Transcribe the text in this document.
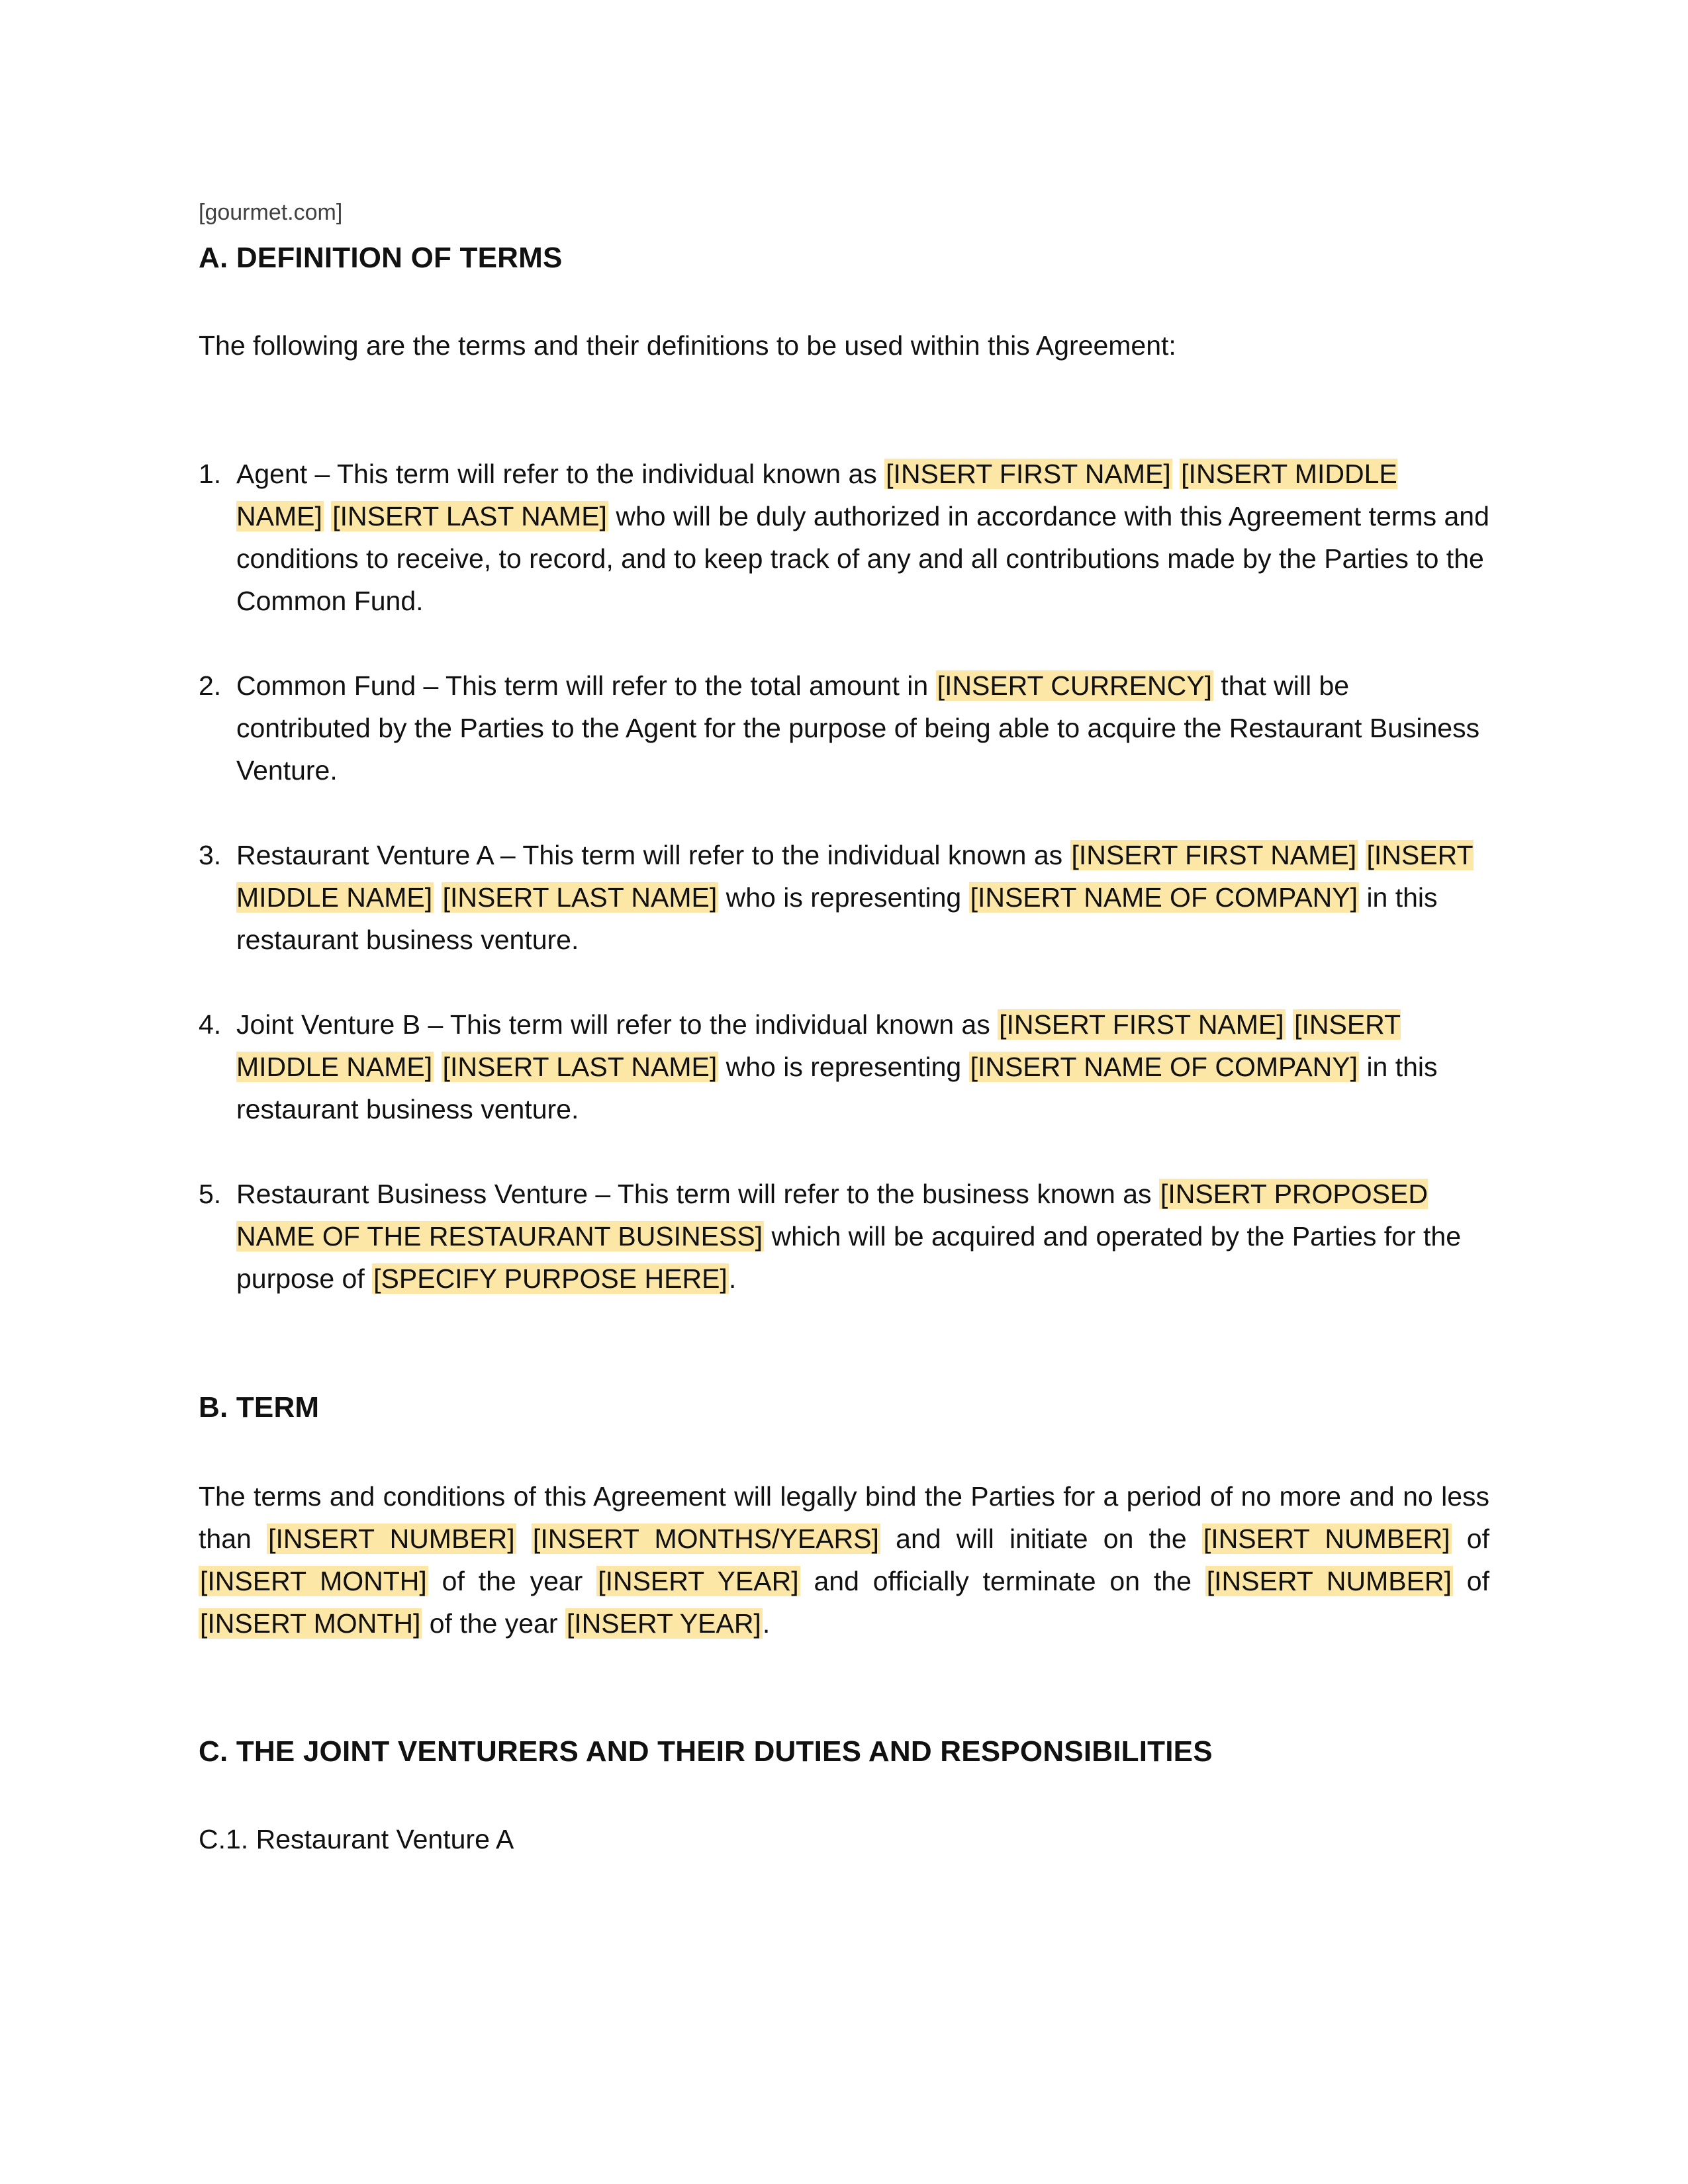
[gourmet.com]
A. DEFINITION OF TERMS
The following are the terms and their definitions to be used within this Agreement:
1. Agent – This term will refer to the individual known as [INSERT FIRST NAME] [INSERT MIDDLE NAME] [INSERT LAST NAME] who will be duly authorized in accordance with this Agreement terms and conditions to receive, to record, and to keep track of any and all contributions made by the Parties to the Common Fund.
2. Common Fund – This term will refer to the total amount in [INSERT CURRENCY] that will be contributed by the Parties to the Agent for the purpose of being able to acquire the Restaurant Business Venture.
3. Restaurant Venture A – This term will refer to the individual known as [INSERT FIRST NAME] [INSERT MIDDLE NAME] [INSERT LAST NAME] who is representing [INSERT NAME OF COMPANY] in this restaurant business venture.
4. Joint Venture B – This term will refer to the individual known as [INSERT FIRST NAME] [INSERT MIDDLE NAME] [INSERT LAST NAME] who is representing [INSERT NAME OF COMPANY] in this restaurant business venture.
5. Restaurant Business Venture – This term will refer to the business known as [INSERT PROPOSED NAME OF THE RESTAURANT BUSINESS] which will be acquired and operated by the Parties for the purpose of [SPECIFY PURPOSE HERE].
B. TERM
The terms and conditions of this Agreement will legally bind the Parties for a period of no more and no less than [INSERT NUMBER] [INSERT MONTHS/YEARS] and will initiate on the [INSERT NUMBER] of [INSERT MONTH] of the year [INSERT YEAR] and officially terminate on the [INSERT NUMBER] of [INSERT MONTH] of the year [INSERT YEAR].
C. THE JOINT VENTURERS AND THEIR DUTIES AND RESPONSIBILITIES
C.1. Restaurant Venture A
